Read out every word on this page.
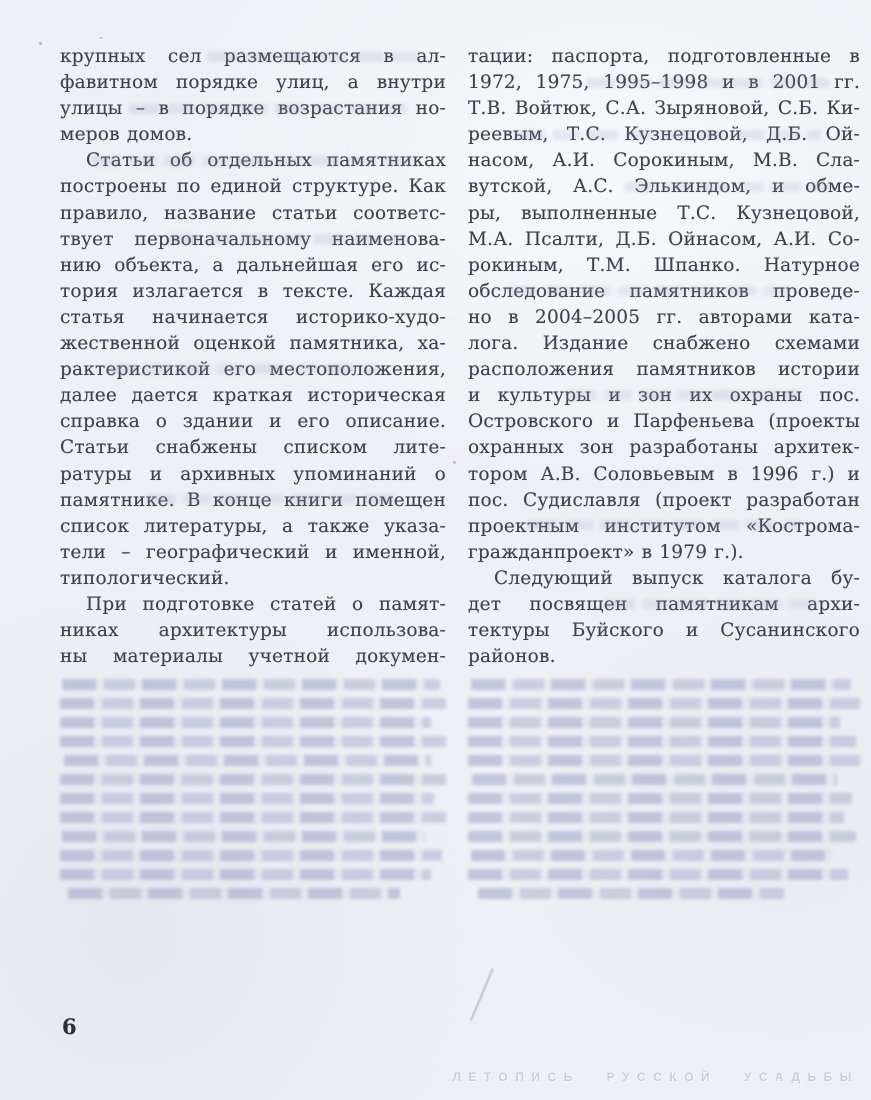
крупных сел размещаются в ал-
фавитном порядке улиц, а внутри
улицы – в порядке возрастания но-
меров домов.
Статьи об отдельных памятниках
построены по единой структуре. Как
правило, название статьи соответс-
твует первоначальному наименова-
нию объекта, а дальнейшая его ис-
тория излагается в тексте. Каждая
статья начинается историко-худо-
жественной оценкой памятника, ха-
рактеристикой его местоположения,
далее дается краткая историческая
справка о здании и его описание.
Статьи снабжены списком лите-
ратуры и архивных упоминаний о
памятнике. В конце книги помещен
список литературы, а также указа-
тели – географический и именной,
типологический.
При подготовке статей о памят-
никах архитектуры использова-
ны материалы учетной докумен-
тации: паспорта, подготовленные в
1972, 1975, 1995–1998 и в 2001 гг.
Т.В. Войтюк, С.А. Зыряновой, С.Б. Ки-
реевым, Т.С. Кузнецовой, Д.Б. Ой-
насом, А.И. Сорокиным, М.В. Сла-
вутской, А.С. Элькиндом, и обме-
ры, выполненные Т.С. Кузнецовой,
М.А. Псалти, Д.Б. Ойнасом, А.И. Со-
рокиным, Т.М. Шпанко. Натурное
обследование памятников проведе-
но в 2004–2005 гг. авторами ката-
лога. Издание снабжено схемами
расположения памятников истории
и культуры и зон их охраны пос.
Островского и Парфеньева (проекты
охранных зон разработаны архитек-
тором А.В. Соловьевым в 1996 г.) и
пос. Судиславля (проект разработан
проектным институтом «Кострома-
гражданпроект» в 1979 г.).
Следующий выпуск каталога бу-
дет посвящен памятникам архи-
тектуры Буйского и Сусанинского
районов.
6
ЛЕТОПИСЬ РУССКОЙ УСАДЬБЫ
